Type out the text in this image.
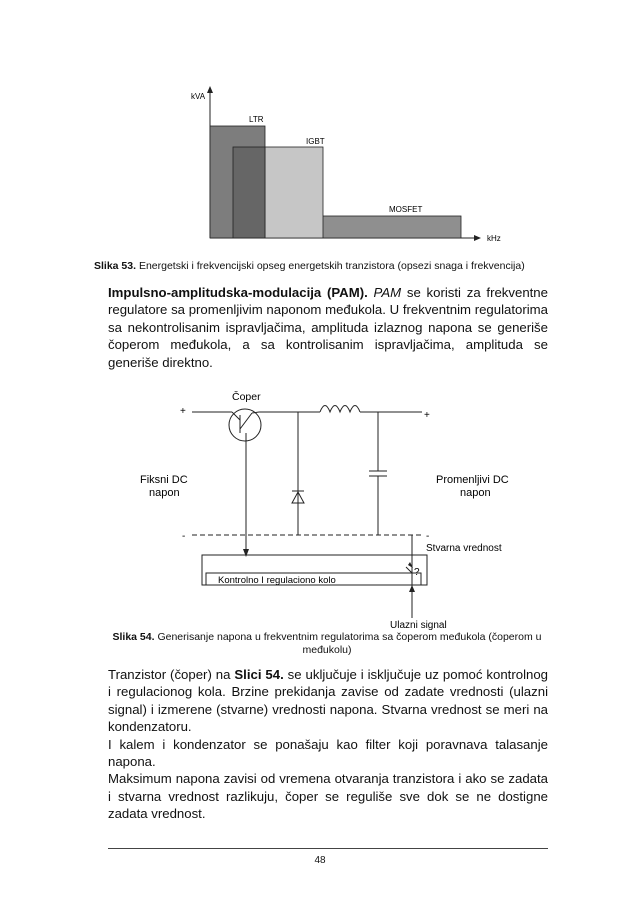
kVA
kHz
LTR
IGBT
MOSFET
Slika 53. Energetski i frekvencijski opseg energetskih tranzistora (opsezi snaga i frekvencija)
Impulsno-amplitudska-modulacija (PAM). PAM se koristi za frekventne regulatore sa promenljivim naponom međukola. U frekventnim regulatorima sa nekontrolisanim ispravljačima, amplituda izlaznog napona se generiše čoperom međukola, a sa kontrolisanim ispravljačima, amplituda se generiše direktno.
Čoper
+	+
-	-
Fiksni DC
napon
Promenljivi DC
napon
Stvarna vrednost
?
Kontrolno I regulaciono kolo
Ulazni signal
Slika 54. Generisanje napona u frekventnim regulatorima sa čoperom međukola (čoperom u međukolu)

Tranzistor (čoper) na Slici 54. se uključuje i isključuje uz pomoć kontrolnog i regulacionog kola. Brzine prekidanja zavise od zadate vrednosti (ulazni signal) i izmerene (stvarne) vrednosti napona. Stvarna vrednost se meri na kondenzatoru.

I kalem i kondenzator se ponašaju kao filter koji poravnava talasanje napona.

Maksimum napona zavisi od vremena otvaranja tranzistora i ako se zadata i stvarna vrednost razlikuju, čoper se reguliše sve dok se ne dostigne zadata vrednost.

48
